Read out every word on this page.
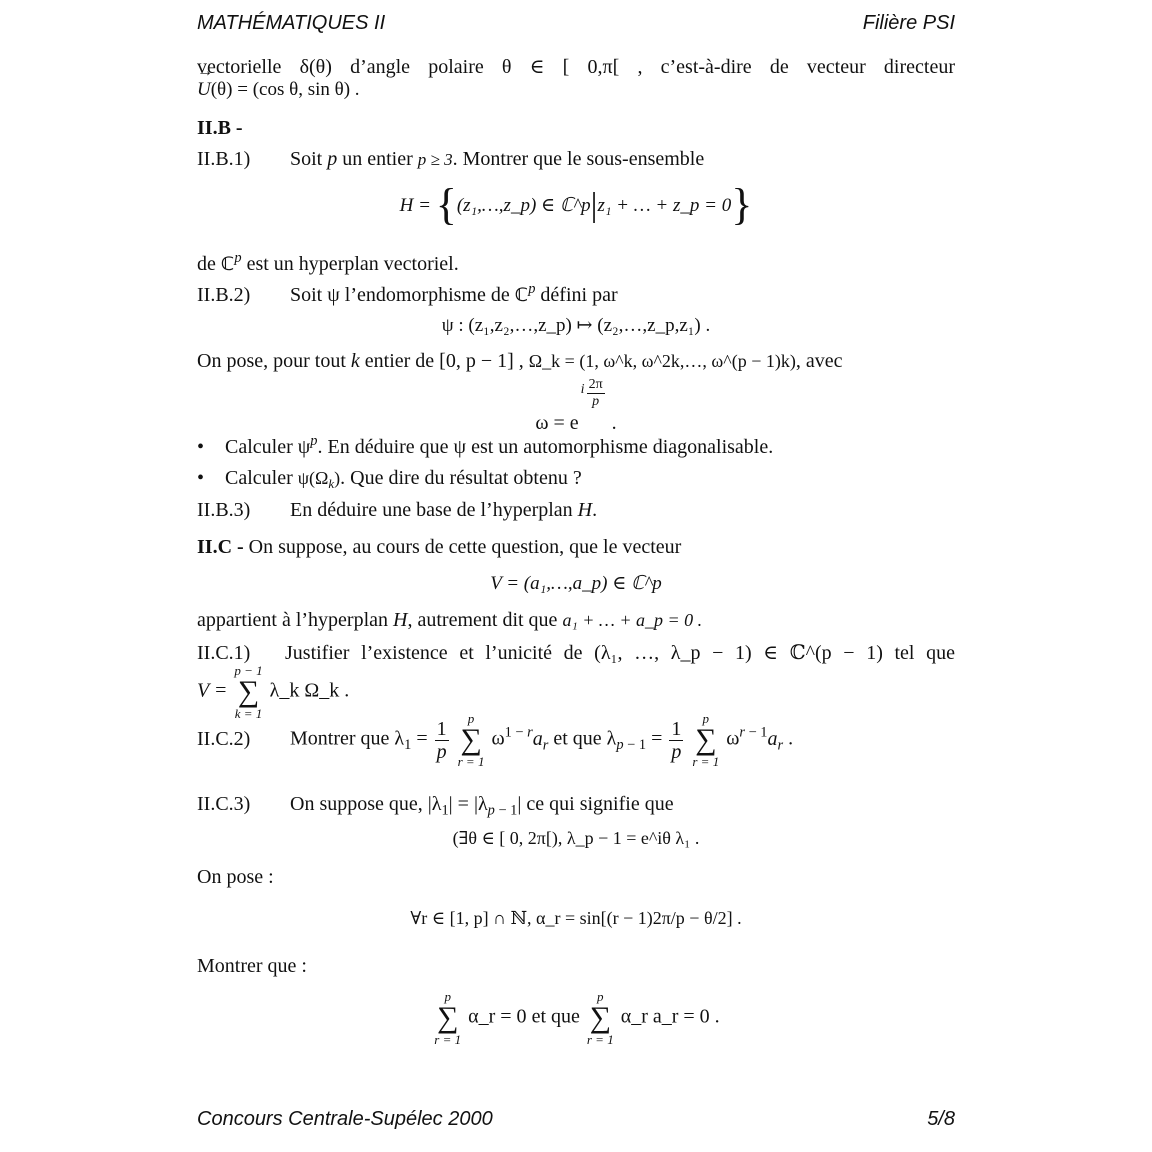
MATHÉMATIQUES II	Filière PSI
vectorielle δ(θ) d’angle polaire θ ∈ [ 0,π[ , c’est-à-dire de vecteur directeur
→ U(θ) = (cos θ, sin θ) .
II.B -
II.B.1) Soit p un entier p ≥ 3. Montrer que le sous-ensemble
H = {(z₁,…,z_p) ∈ ℂ^p|z₁ + … + z_p = 0}
de ℂ$^p$ est un hyperplan vectoriel.
II.B.2) Soit ψ l’endomorphisme de ℂ$^p$ défini par
ψ : (z₁,z₂,…,z_p) ↦ (z₂,…,z_p,z₁) .
On pose, pour tout k entier de [0, p − 1] , Ω_k = (1, ω^k, ω^2k,…, ω^(p − 1)k), avec
ω = e
i $\frac{2\pi}{p}$
.
• Calculer $\psi^p$. En déduire que ψ est un automorphisme diagonalisable.
• Calculer $\psi(\Omega_k)$. Que dire du résultat obtenu ?
II.B.3) En déduire une base de l’hyperplan H.
II.C - On suppose, au cours de cette question, que le vecteur
V = (a₁,…,a_p) ∈ ℂ^p
appartient à l’hyperplan H, autrement dit que a₁ + … + a_p = 0 .
II.C.1) Justifier l’existence et l’unicité de (λ₁, …, λ_p − 1) ∈ ℂ^(p − 1) tel que
V =
p − 1
∑
k = 1
λ_k Ω_k .
II.C.2) Montrer que $\lambda_1 = \frac{1}{p}$
	p
∑
r = 1
$\omega^{1 - r}a_r$ et que $\lambda_{p - 1} = \frac{1}{p}$
	p
∑
r = 1
$\omega^{r - 1}a_r$ .
II.C.3) On suppose que, $|\lambda_1| = |\lambda_{p - 1}|$ ce qui signifie que
(∃θ ∈ [ 0, 2π[), λ_p − 1 = e^iθ λ₁ .
On pose :
∀r ∈ [1, p] ∩ ℕ, α_r = sin[(r − 1)2π/p − θ/2] .
Montrer que :
p
∑
r = 1
α_r = 0 et que
p
∑
r = 1
α_r a_r = 0 .
Concours Centrale-Supélec 2000	5/8
